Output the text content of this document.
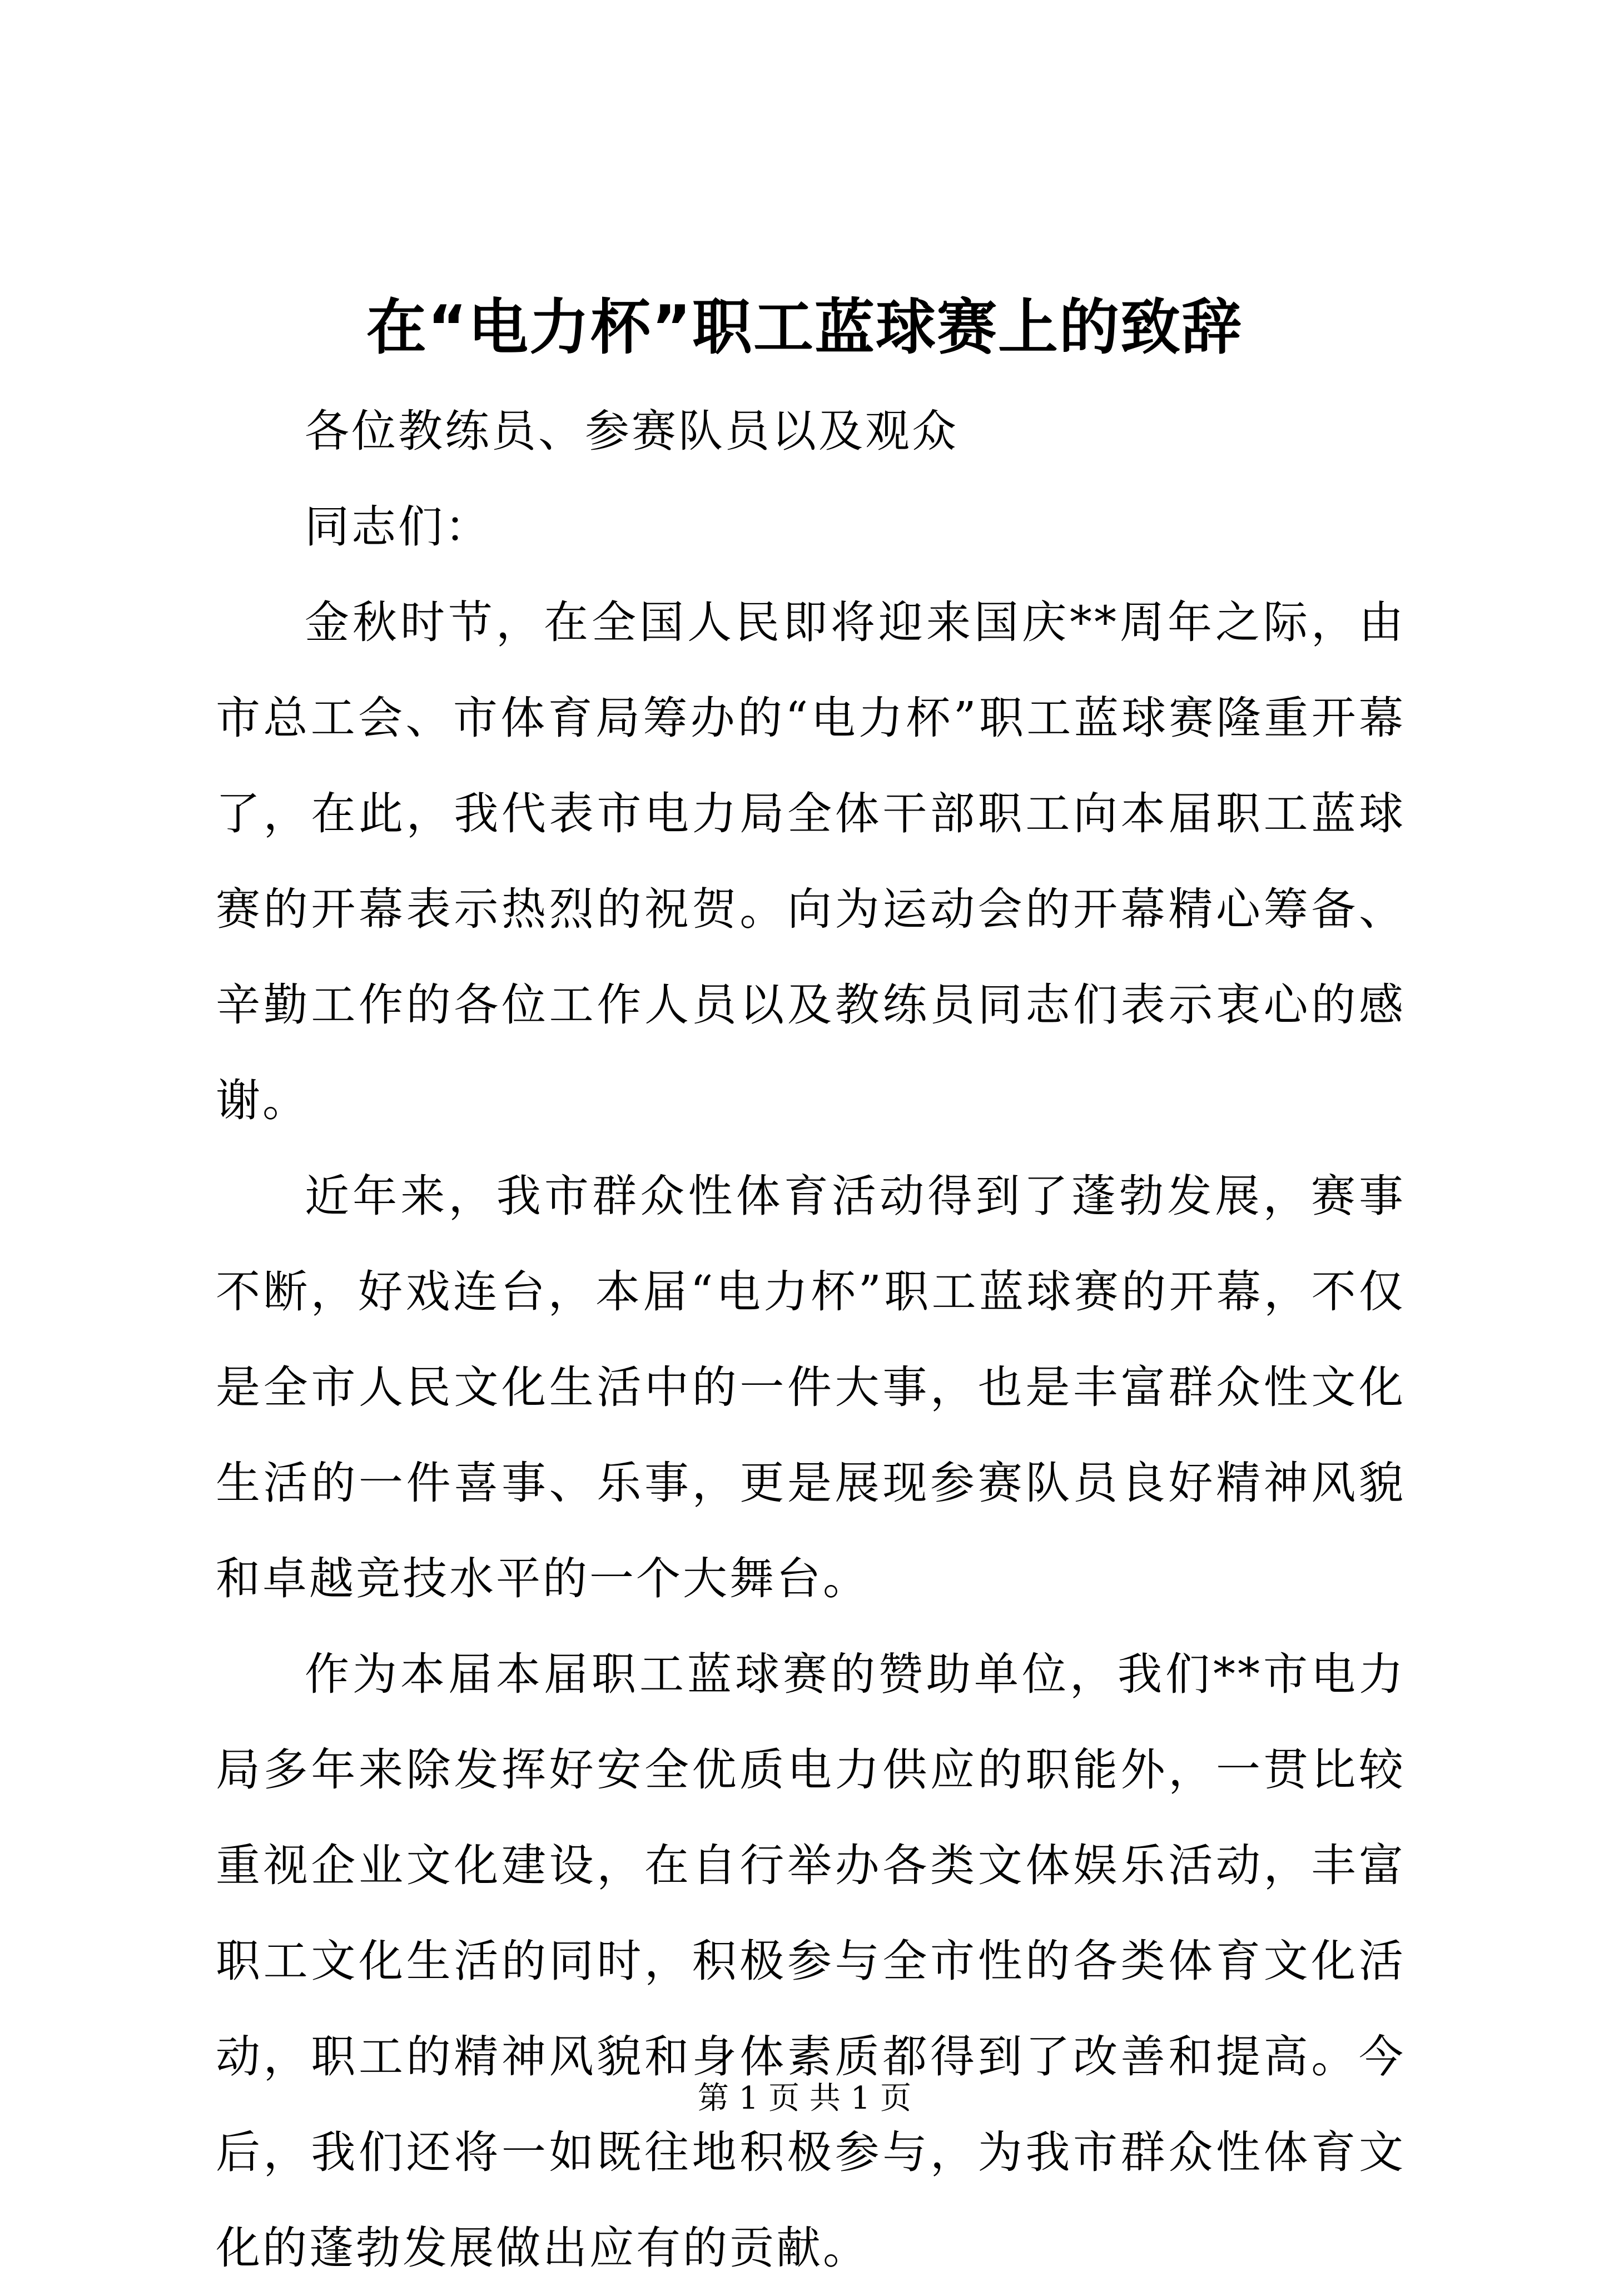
在“电力杯”职工蓝球赛上的致辞

各位教练员、参赛队员以及观众

同志们：

金秋时节，在全国人民即将迎来国庆**周年之际，由市总工会、市体育局筹办的“电力杯”职工蓝球赛隆重开幕了，在此，我代表市电力局全体干部职工向本届职工蓝球赛的开幕表示热烈的祝贺。向为运动会的开幕精心筹备、辛勤工作的各位工作人员以及教练员同志们表示衷心的感谢。

近年来，我市群众性体育活动得到了蓬勃发展，赛事不断，好戏连台，本届“电力杯”职工蓝球赛的开幕，不仅是全市人民文化生活中的一件大事，也是丰富群众性文化生活的一件喜事、乐事，更是展现参赛队员良好精神风貌和卓越竞技水平的一个大舞台。

作为本届本届职工蓝球赛的赞助单位，我们**市电力局多年来除发挥好安全优质电力供应的职能外，一贯比较重视企业文化建设，在自行举办各类文体娱乐活动，丰富职工文化生活的同时，积极参与全市性的各类体育文化活动，职工的精神风貌和身体素质都得到了改善和提高。今后，我们还将一如既往地积极参与，为我市群众性体育文化的蓬勃发展做出应有的贡献。

第 1 页 共 1 页
